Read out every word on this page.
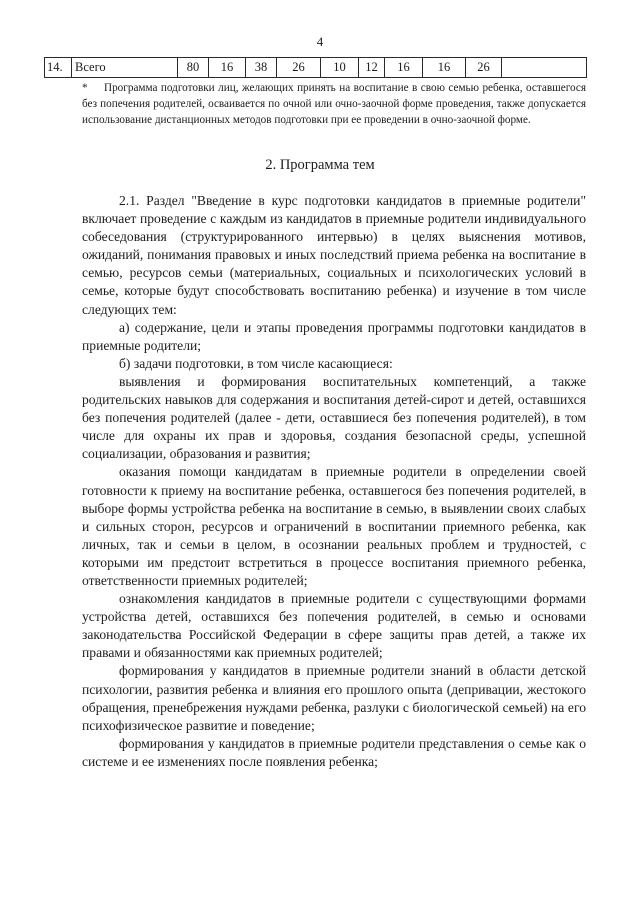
4
14.	Всего	80	16	38	26	10	12	16	16	26	

* Программа подготовки лиц, желающих принять на воспитание в свою семью ребенка, оставшегося без попечения родителей, осваивается по очной или очно-заочной форме проведения, также допускается использование дистанционных методов подготовки при ее проведении в очно-заочной форме.

2. Программа тем

2.1. Раздел "Введение в курс подготовки кандидатов в приемные родители" включает проведение с каждым из кандидатов в приемные родители индивидуального собеседования (структурированного интервью) в целях выяснения мотивов, ожиданий, понимания правовых и иных последствий приема ребенка на воспитание в семью, ресурсов семьи (материальных, социальных и психологических условий в семье, которые будут способствовать воспитанию ребенка) и изучение в том числе следующих тем:

а) содержание, цели и этапы проведения программы подготовки кандидатов в приемные родители;

б) задачи подготовки, в том числе касающиеся:

выявления и формирования воспитательных компетенций, а также родительских навыков для содержания и воспитания детей-сирот и детей, оставшихся без попечения родителей (далее - дети, оставшиеся без попечения родителей), в том числе для охраны их прав и здоровья, создания безопасной среды, успешной социализации, образования и развития;

оказания помощи кандидатам в приемные родители в определении своей готовности к приему на воспитание ребенка, оставшегося без попечения родителей, в выборе формы устройства ребенка на воспитание в семью, в выявлении своих слабых и сильных сторон, ресурсов и ограничений в воспитании приемного ребенка, как личных, так и семьи в целом, в осознании реальных проблем и трудностей, с которыми им предстоит встретиться в процессе воспитания приемного ребенка, ответственности приемных родителей;

ознакомления кандидатов в приемные родители с существующими формами устройства детей, оставшихся без попечения родителей, в семью и основами законодательства Российской Федерации в сфере защиты прав детей, а также их правами и обязанностями как приемных родителей;

формирования у кандидатов в приемные родители знаний в области детской психологии, развития ребенка и влияния его прошлого опыта (депривации, жестокого обращения, пренебрежения нуждами ребенка, разлуки с биологической семьей) на его психофизическое развитие и поведение;

формирования у кандидатов в приемные родители представления о семье как о системе и ее изменениях после появления ребенка;
